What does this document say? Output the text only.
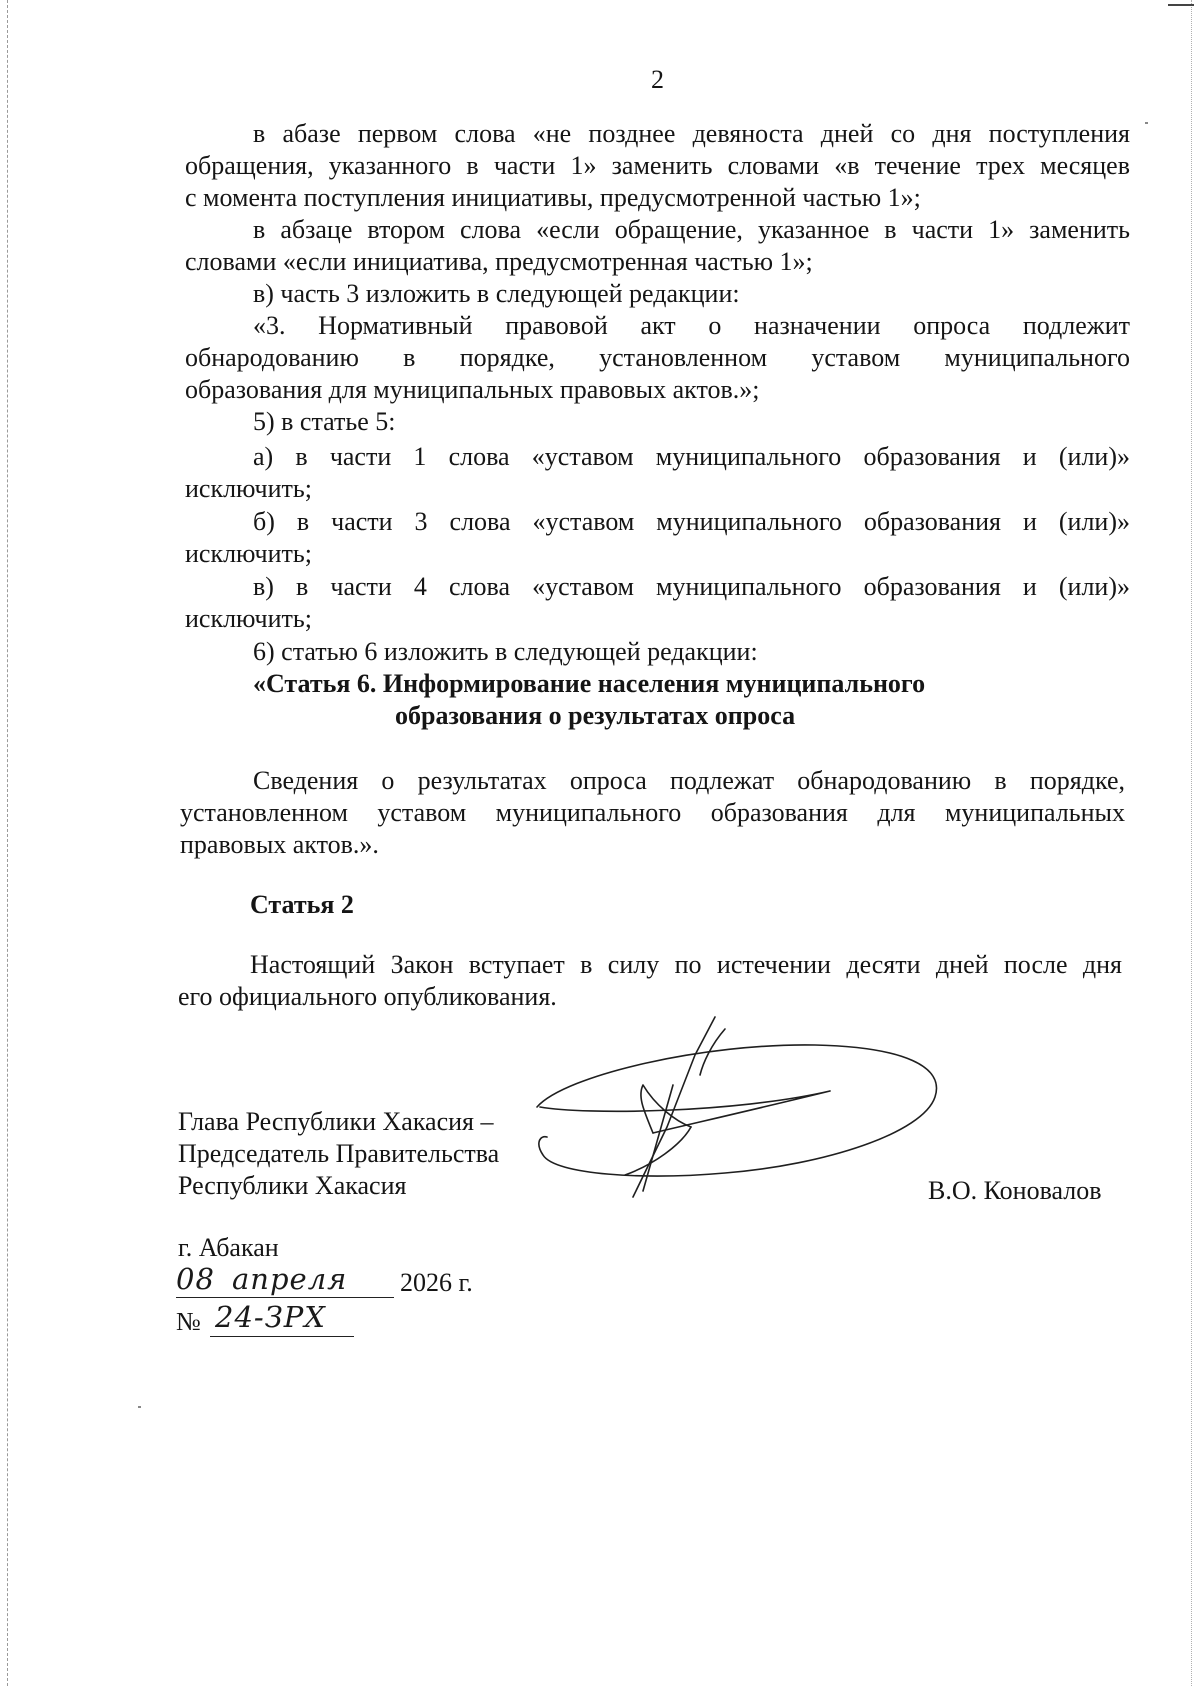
2
в абазе первом слова «не позднее девяноста дней со дня поступления
обращения, указанного в части 1» заменить словами «в течение трех месяцев
с момента поступления инициативы, предусмотренной частью 1»;
в абзаце втором слова «если обращение, указанное в части 1» заменить
словами «если инициатива, предусмотренная частью 1»;
в) часть 3 изложить в следующей редакции:
«3. Нормативный правовой акт о назначении опроса подлежит
обнародованию в порядке, установленном уставом муниципального
образования для муниципальных правовых актов.»;
5) в статье 5:
а) в части 1 слова «уставом муниципального образования и (или)»
исключить;
б) в части 3 слова «уставом муниципального образования и (или)»
исключить;
в) в части 4 слова «уставом муниципального образования и (или)»
исключить;
6) статью 6 изложить в следующей редакции:
«Статья 6. Информирование населения муниципального
образования о результатах опроса
Сведения о результатах опроса подлежат обнародованию в порядке,
установленном уставом муниципального образования для муниципальных
правовых актов.».
Статья 2
Настоящий Закон вступает в силу по истечении десяти дней после дня
его официального опубликования.
Глава Республики Хакасия –
Председатель Правительства
Республики Хакасия	В.О. Коновалов
г. Абакан
08 апреля 2026 г.
№ 24-ЗРХ
